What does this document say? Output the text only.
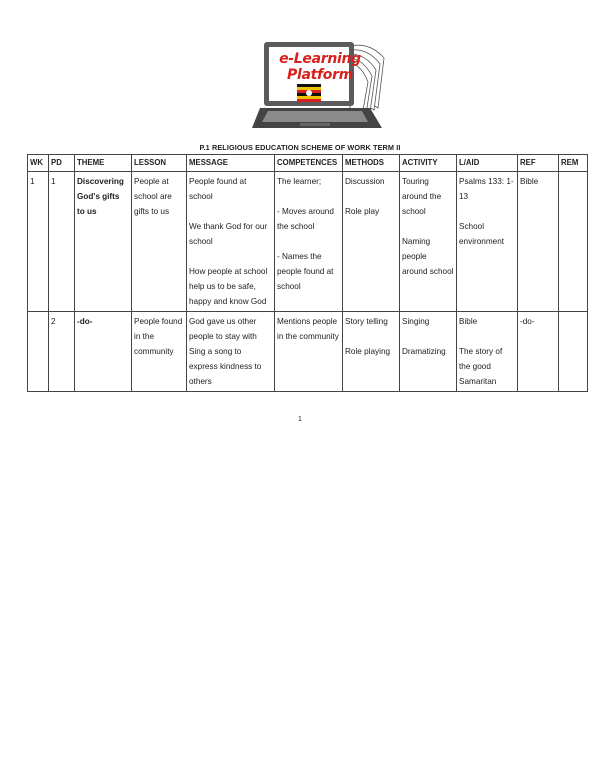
e-Learning
Platform
P.1 RELIGIOUS EDUCATION SCHEME OF WORK TERM II
WK	PD	THEME	LESSON	MESSAGE	COMPETENCES	METHODS	ACTIVITY	L/AID	REF	REM
1	1	Discovering God's gifts to us	People at school are gifts to us	People found at school
We thank God for our school
How people at school help us to be safe, happy and know God	The learner;
- Moves around the school
- Names the people found at school	Discussion
Role play	Touring around the school
Naming people around school	Psalms 133: 1-13
School environment	Bible	
	2	-do-	People found in the community	God gave us other people to stay with
Sing a song to express kindness to others	Mentions people in the community	Story telling
Role playing	Singing
Dramatizing	Bible
The story of the good Samaritan	-do-	
1
